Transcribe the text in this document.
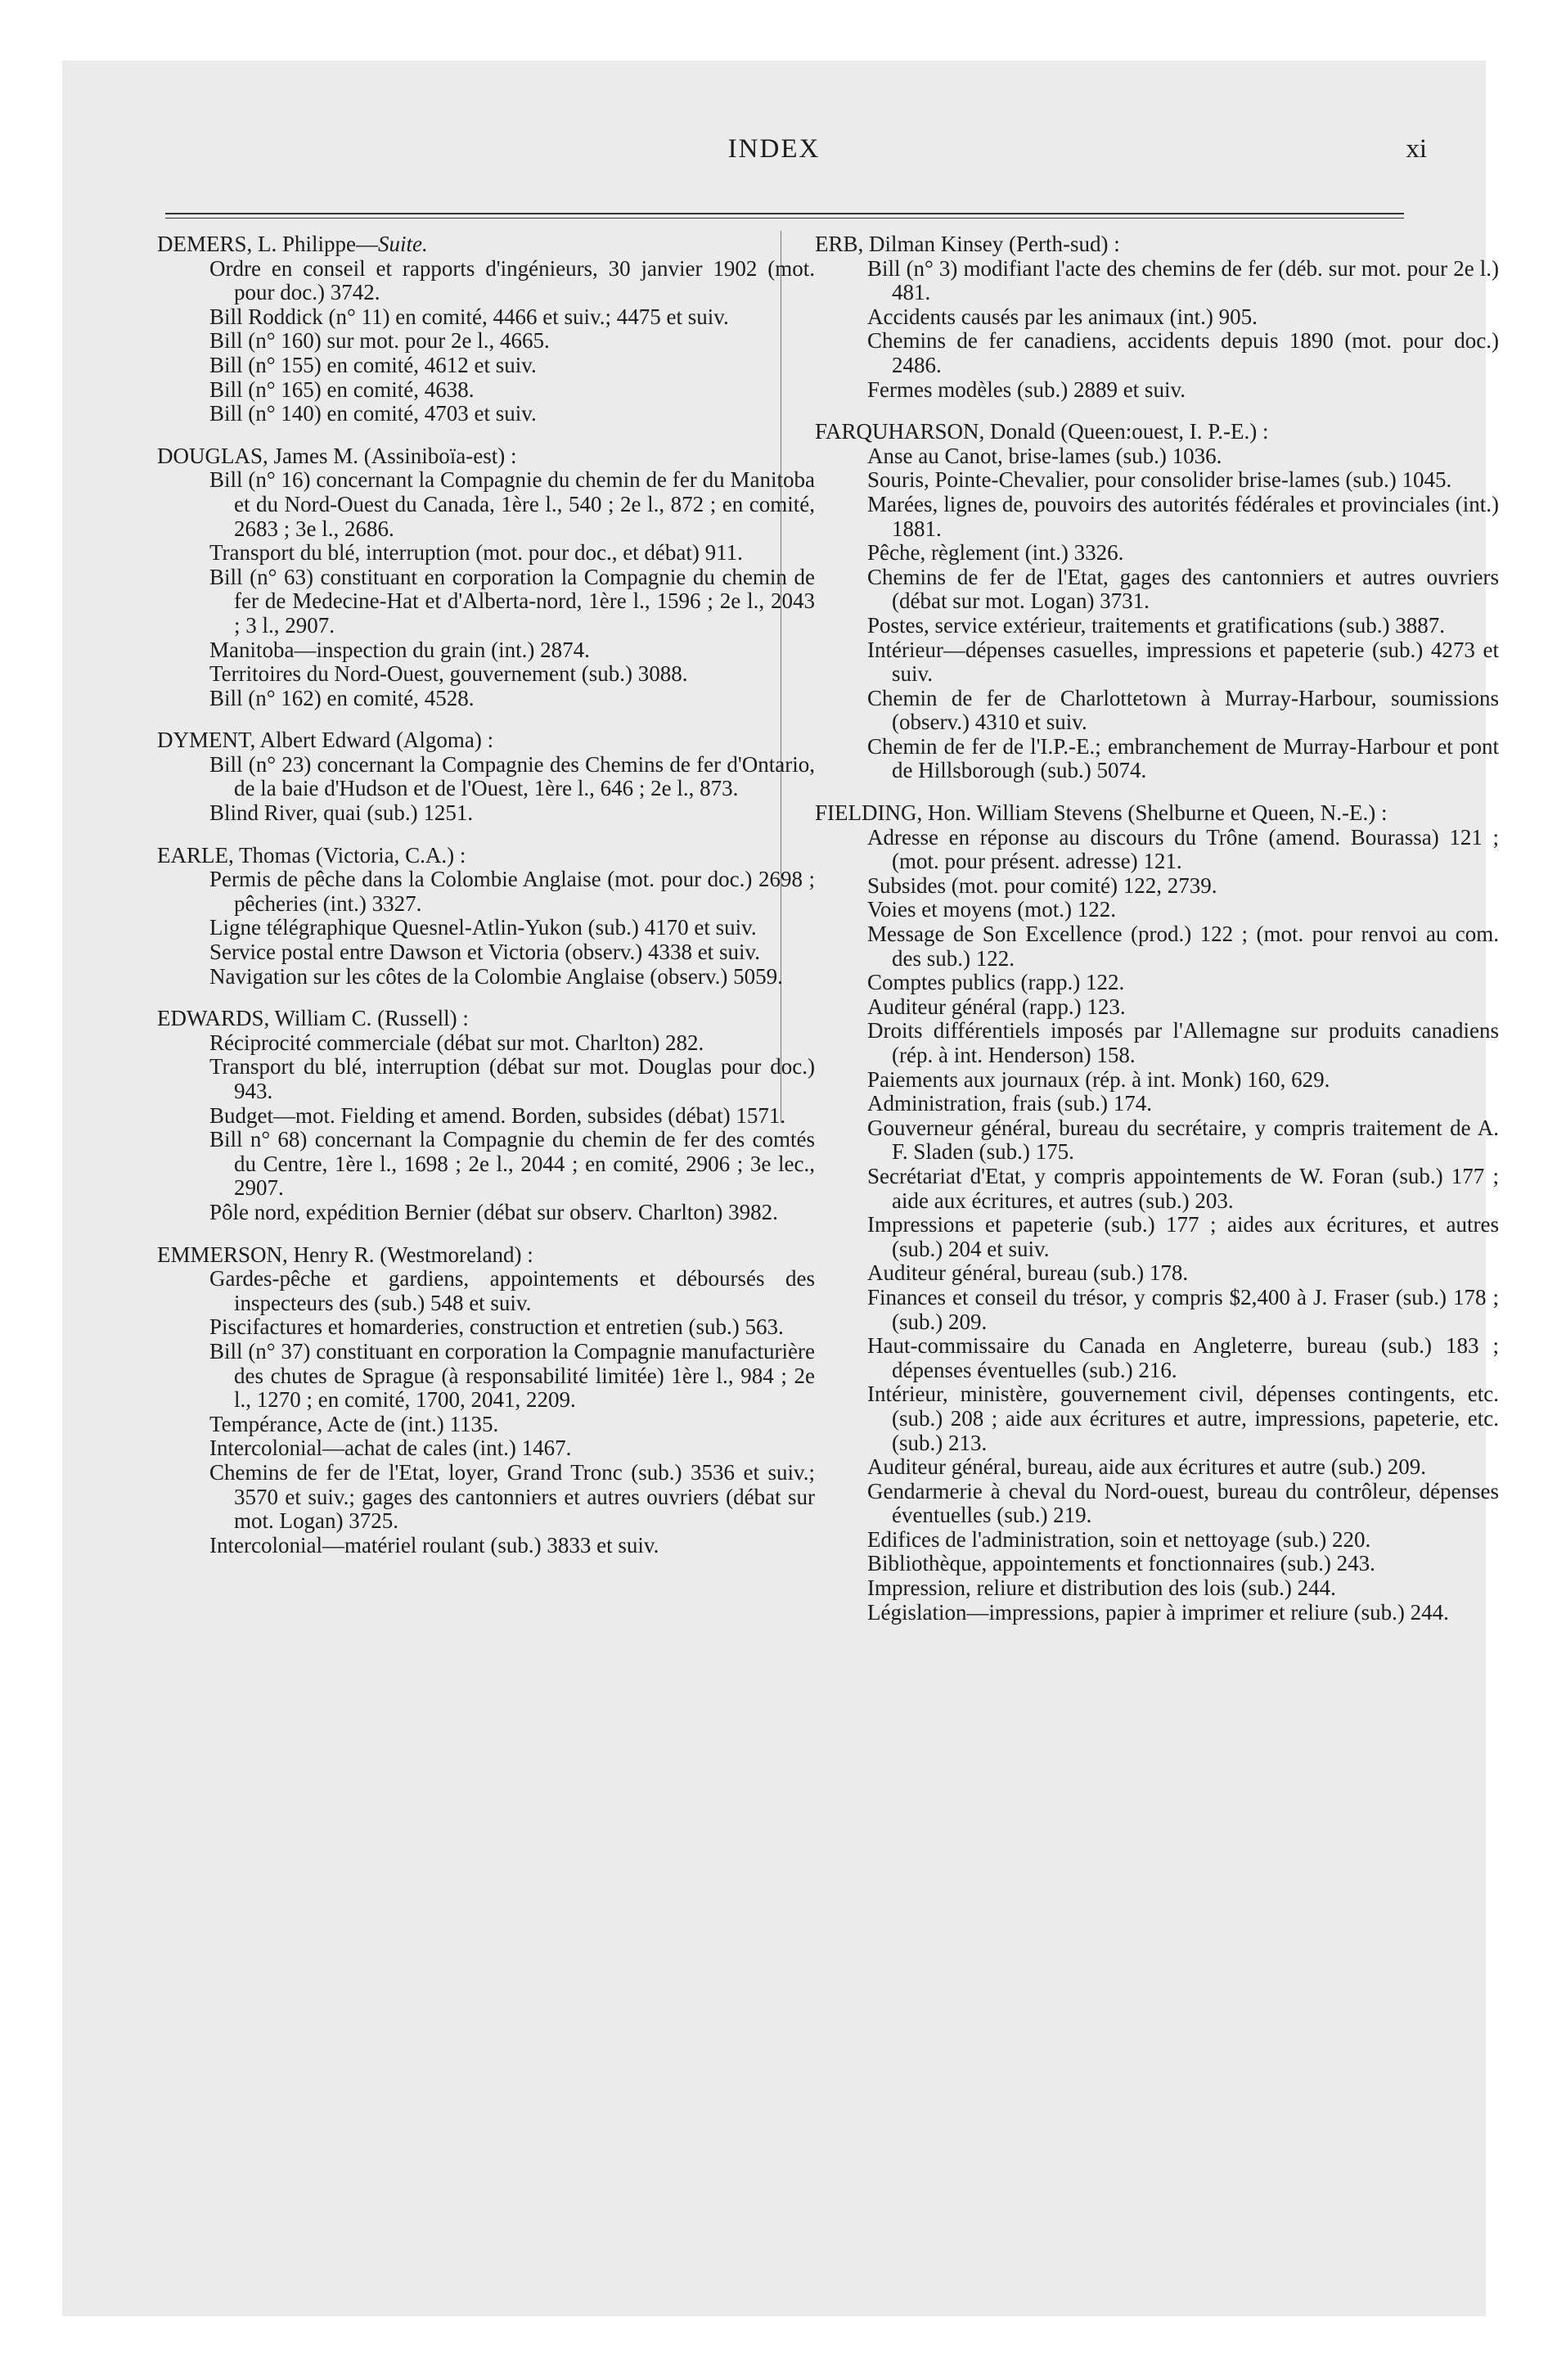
INDEX	xi
DEMERS, L. Philippe—Suite.

Ordre en conseil et rapports d'ingénieurs, 30 janvier 1902 (mot. pour doc.) 3742.

Bill Roddick (n° 11) en comité, 4466 et suiv.; 4475 et suiv.

Bill (n° 160) sur mot. pour 2e l., 4665.

Bill (n° 155) en comité, 4612 et suiv.

Bill (n° 165) en comité, 4638.

Bill (n° 140) en comité, 4703 et suiv.

DOUGLAS, James M. (Assiniboïa-est) :

Bill (n° 16) concernant la Compagnie du chemin de fer du Manitoba et du Nord-Ouest du Canada, 1ère l., 540 ; 2e l., 872 ; en comité, 2683 ; 3e l., 2686.

Transport du blé, interruption (mot. pour doc., et débat) 911.

Bill (n° 63) constituant en corporation la Compagnie du chemin de fer de Medecine-Hat et d'Alberta-nord, 1ère l., 1596 ; 2e l., 2043 ; 3 l., 2907.

Manitoba—inspection du grain (int.) 2874.

Territoires du Nord-Ouest, gouvernement (sub.) 3088.

Bill (n° 162) en comité, 4528.

DYMENT, Albert Edward (Algoma) :

Bill (n° 23) concernant la Compagnie des Chemins de fer d'Ontario, de la baie d'Hudson et de l'Ouest, 1ère l., 646 ; 2e l., 873.

Blind River, quai (sub.) 1251.

EARLE, Thomas (Victoria, C.A.) :

Permis de pêche dans la Colombie Anglaise (mot. pour doc.) 2698 ; pêcheries (int.) 3327.

Ligne télégraphique Quesnel-Atlin-Yukon (sub.) 4170 et suiv.

Service postal entre Dawson et Victoria (observ.) 4338 et suiv.

Navigation sur les côtes de la Colombie Anglaise (observ.) 5059.

EDWARDS, William C. (Russell) :

Réciprocité commerciale (débat sur mot. Charlton) 282.

Transport du blé, interruption (débat sur mot. Douglas pour doc.) 943.

Budget—mot. Fielding et amend. Borden, subsides (débat) 1571.

Bill n° 68) concernant la Compagnie du chemin de fer des comtés du Centre, 1ère l., 1698 ; 2e l., 2044 ; en comité, 2906 ; 3e lec., 2907.

Pôle nord, expédition Bernier (débat sur observ. Charlton) 3982.

EMMERSON, Henry R. (Westmoreland) :

Gardes-pêche et gardiens, appointements et déboursés des inspecteurs des (sub.) 548 et suiv.

Piscifactures et homarderies, construction et entretien (sub.) 563.

Bill (n° 37) constituant en corporation la Compagnie manufacturière des chutes de Sprague (à responsabilité limitée) 1ère l., 984 ; 2e l., 1270 ; en comité, 1700, 2041, 2209.

Tempérance, Acte de (int.) 1135.

Intercolonial—achat de cales (int.) 1467.

Chemins de fer de l'Etat, loyer, Grand Tronc (sub.) 3536 et suiv.; 3570 et suiv.; gages des cantonniers et autres ouvriers (débat sur mot. Logan) 3725.

Intercolonial—matériel roulant (sub.) 3833 et suiv.

ERB, Dilman Kinsey (Perth-sud) :

Bill (n° 3) modifiant l'acte des chemins de fer (déb. sur mot. pour 2e l.) 481.

Accidents causés par les animaux (int.) 905.

Chemins de fer canadiens, accidents depuis 1890 (mot. pour doc.) 2486.

Fermes modèles (sub.) 2889 et suiv.

FARQUHARSON, Donald (Queen:ouest, I. P.-E.) :

Anse au Canot, brise-lames (sub.) 1036.

Souris, Pointe-Chevalier, pour consolider brise-lames (sub.) 1045.

Marées, lignes de, pouvoirs des autorités fédérales et provinciales (int.) 1881.

Pêche, règlement (int.) 3326.

Chemins de fer de l'Etat, gages des cantonniers et autres ouvriers (débat sur mot. Logan) 3731.

Postes, service extérieur, traitements et gratifications (sub.) 3887.

Intérieur—dépenses casuelles, impressions et papeterie (sub.) 4273 et suiv.

Chemin de fer de Charlottetown à Murray-Harbour, soumissions (observ.) 4310 et suiv.

Chemin de fer de l'I.P.-E.; embranchement de Murray-Harbour et pont de Hillsborough (sub.) 5074.

FIELDING, Hon. William Stevens (Shelburne et Queen, N.-E.) :

Adresse en réponse au discours du Trône (amend. Bourassa) 121 ; (mot. pour présent. adresse) 121.

Subsides (mot. pour comité) 122, 2739.

Voies et moyens (mot.) 122.

Message de Son Excellence (prod.) 122 ; (mot. pour renvoi au com. des sub.) 122.

Comptes publics (rapp.) 122.

Auditeur général (rapp.) 123.

Droits différentiels imposés par l'Allemagne sur produits canadiens (rép. à int. Henderson) 158.

Paiements aux journaux (rép. à int. Monk) 160, 629.

Administration, frais (sub.) 174.

Gouverneur général, bureau du secrétaire, y compris traitement de A. F. Sladen (sub.) 175.

Secrétariat d'Etat, y compris appointements de W. Foran (sub.) 177 ; aide aux écritures, et autres (sub.) 203.

Impressions et papeterie (sub.) 177 ; aides aux écritures, et autres (sub.) 204 et suiv.

Auditeur général, bureau (sub.) 178.

Finances et conseil du trésor, y compris $2,400 à J. Fraser (sub.) 178 ; (sub.) 209.

Haut-commissaire du Canada en Angleterre, bureau (sub.) 183 ; dépenses éventuelles (sub.) 216.

Intérieur, ministère, gouvernement civil, dépenses contingents, etc. (sub.) 208 ; aide aux écritures et autre, impressions, papeterie, etc. (sub.) 213.

Auditeur général, bureau, aide aux écritures et autre (sub.) 209.

Gendarmerie à cheval du Nord-ouest, bureau du contrôleur, dépenses éventuelles (sub.) 219.

Edifices de l'administration, soin et nettoyage (sub.) 220.

Bibliothèque, appointements et fonctionnaires (sub.) 243.

Impression, reliure et distribution des lois (sub.) 244.

Législation—impressions, papier à imprimer et reliure (sub.) 244.
